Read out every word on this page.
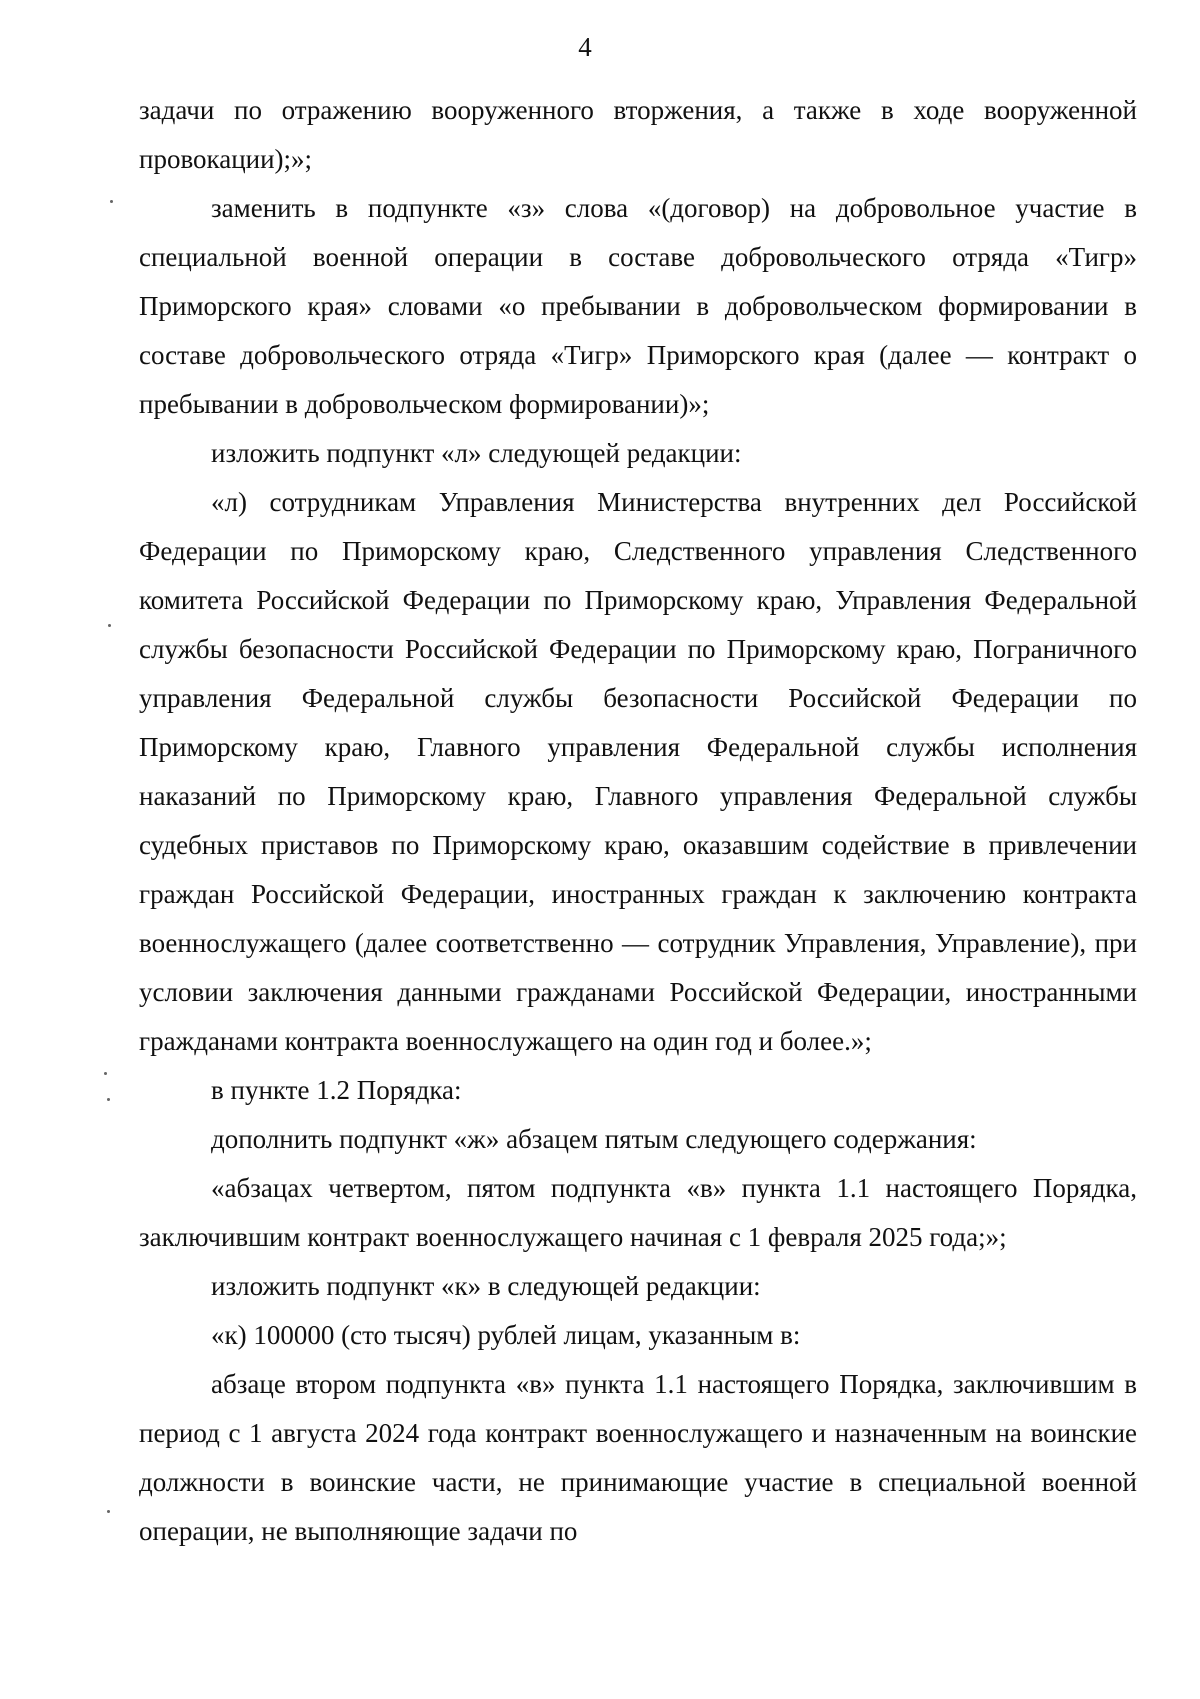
4

задачи по отражению вооруженного вторжения, а также в ходе вооруженной провокации);»;

заменить в подпункте «з» слова «(договор) на добровольное участие в специальной военной операции в составе добровольческого отряда «Тигр» Приморского края» словами «о пребывании в добровольческом формировании в составе добровольческого отряда «Тигр» Приморского края (далее — контракт о пребывании в добровольческом формировании)»;

изложить подпункт «л» следующей редакции:

«л) сотрудникам Управления Министерства внутренних дел Российской Федерации по Приморскому краю, Следственного управления Следственного комитета Российской Федерации по Приморскому краю, Управления Федеральной службы безопасности Российской Федерации по Приморскому краю, Пограничного управления Федеральной службы безопасности Российской Федерации по Приморскому краю, Главного управления Федеральной службы исполнения наказаний по Приморскому краю, Главного управления Федеральной службы судебных приставов по Приморскому краю, оказавшим содействие в привлечении граждан Российской Федерации, иностранных граждан к заключению контракта военнослужащего (далее соответственно — сотрудник Управления, Управление), при условии заключения данными гражданами Российской Федерации, иностранными гражданами контракта военнослужащего на один год и более.»;

в пункте 1.2 Порядка:

дополнить подпункт «ж» абзацем пятым следующего содержания:

«абзацах четвертом, пятом подпункта «в» пункта 1.1 настоящего Порядка, заключившим контракт военнослужащего начиная с 1 февраля 2025 года;»;

изложить подпункт «к» в следующей редакции:

«к) 100000 (сто тысяч) рублей лицам, указанным в:

абзаце втором подпункта «в» пункта 1.1 настоящего Порядка, заключившим в период с 1 августа 2024 года контракт военнослужащего и назначенным на воинские должности в воинские части, не принимающие участие в специальной военной операции, не выполняющие задачи по
